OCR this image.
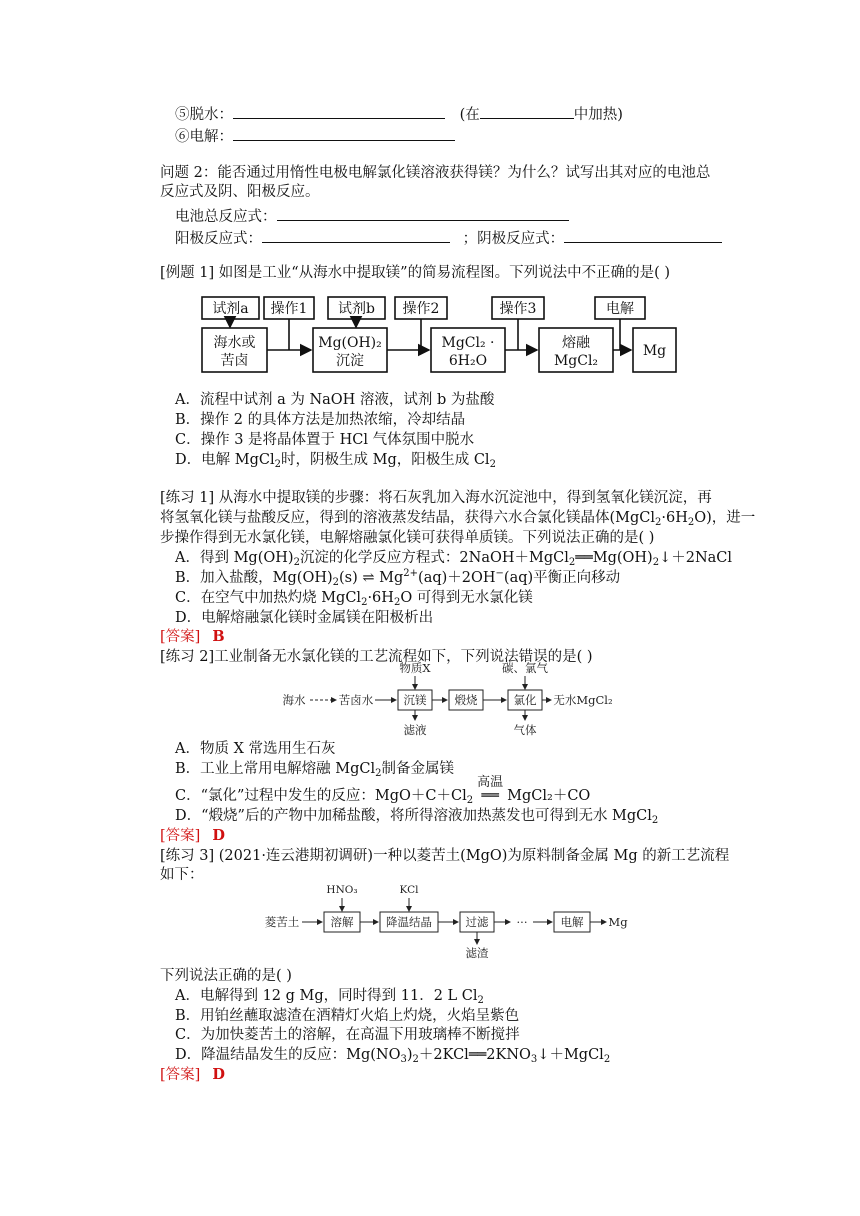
⑤脱水：	(在	中加热)
⑥电解：
问题 2：能否通过用惰性电极电解氯化镁溶液获得镁？为什么？试写出其对应的电池总
反应式及阴、阳极反应。
电池总反应式：
阳极反应式：	；阴极反应式：
[例题 1] 如图是工业“从海水中提取镁”的简易流程图。下列说法中不正确的是( )
试剂a 操作1 试剂b 操作2	操作3	电解
海水或
苦卤
Mg(OH)₂
沉淀
MgCl₂ ·
6H₂O
熔融
MgCl₂
Mg
A．流程中试剂 a 为 NaOH 溶液，试剂 b 为盐酸
B．操作 2 的具体方法是加热浓缩，冷却结晶
C．操作 3 是将晶体置于 HCl 气体氛围中脱水
D．电解 MgCl$_2$时，阴极生成 Mg，阳极生成 $Cl_2$
[练习 1] 从海水中提取镁的步骤：将石灰乳加入海水沉淀池中，得到氢氧化镁沉淀，再
将氢氧化镁与盐酸反应，得到的溶液蒸发结晶，获得六水合氯化镁晶体$(MgCl_2\cdot 6H_2O)$，进一
步操作得到无水氯化镁，电解熔融氯化镁可获得单质镁。下列说法正确的是( )
A．得到 $Mg(OH)_2$沉淀的化学反应方程式：$2NaOH+MgCl_2══Mg(OH)_2↓+2NaCl$
B．加入盐酸，$Mg(OH)_2(s)$ ⇌ $Mg^{2+}(aq)+2OH^-(aq)$平衡正向移动
C．在空气中加热灼烧 $MgCl_2\cdot 6H_2O$ 可得到无水氯化镁
D．电解熔融氯化镁时金属镁在阳极析出
[答案] B
[练习 2]工业制备无水氯化镁的工艺流程如下，下列说法错误的是( )
海水	苦卤水	沉镁 煅烧	氯化 无水MgCl₂
物质X	碳、氯气
滤液	气体
A．物质 X 常选用生石灰
B．工业上常用电解熔融 MgCl$_2$制备金属镁
C．“氯化”过程中发生的反应：$MgO+C+Cl_2$
高温
══ MgCl₂＋CO
D．“煅烧”后的产物中加稀盐酸，将所得溶液加热蒸发也可得到无水 MgCl$_2$
[答案] D
[练习 3] (2021·连云港期初调研)一种以菱苦土(MgO)为原料制备金属 Mg 的新工艺流程
如下：
菱苦土	溶解	降温结晶	过滤 ···	电解 Mg
HNO₃	KCl
滤渣
下列说法正确的是( )
A．电解得到 12 g Mg，同时得到 11．2 L $Cl_2$
B．用铂丝蘸取滤渣在酒精灯火焰上灼烧，火焰呈紫色
C．为加快菱苦土的溶解，在高温下用玻璃棒不断搅拌
D．降温结晶发生的反应：$Mg(NO_3)_2+2KCl══2KNO_3↓+MgCl_2$
[答案] D
